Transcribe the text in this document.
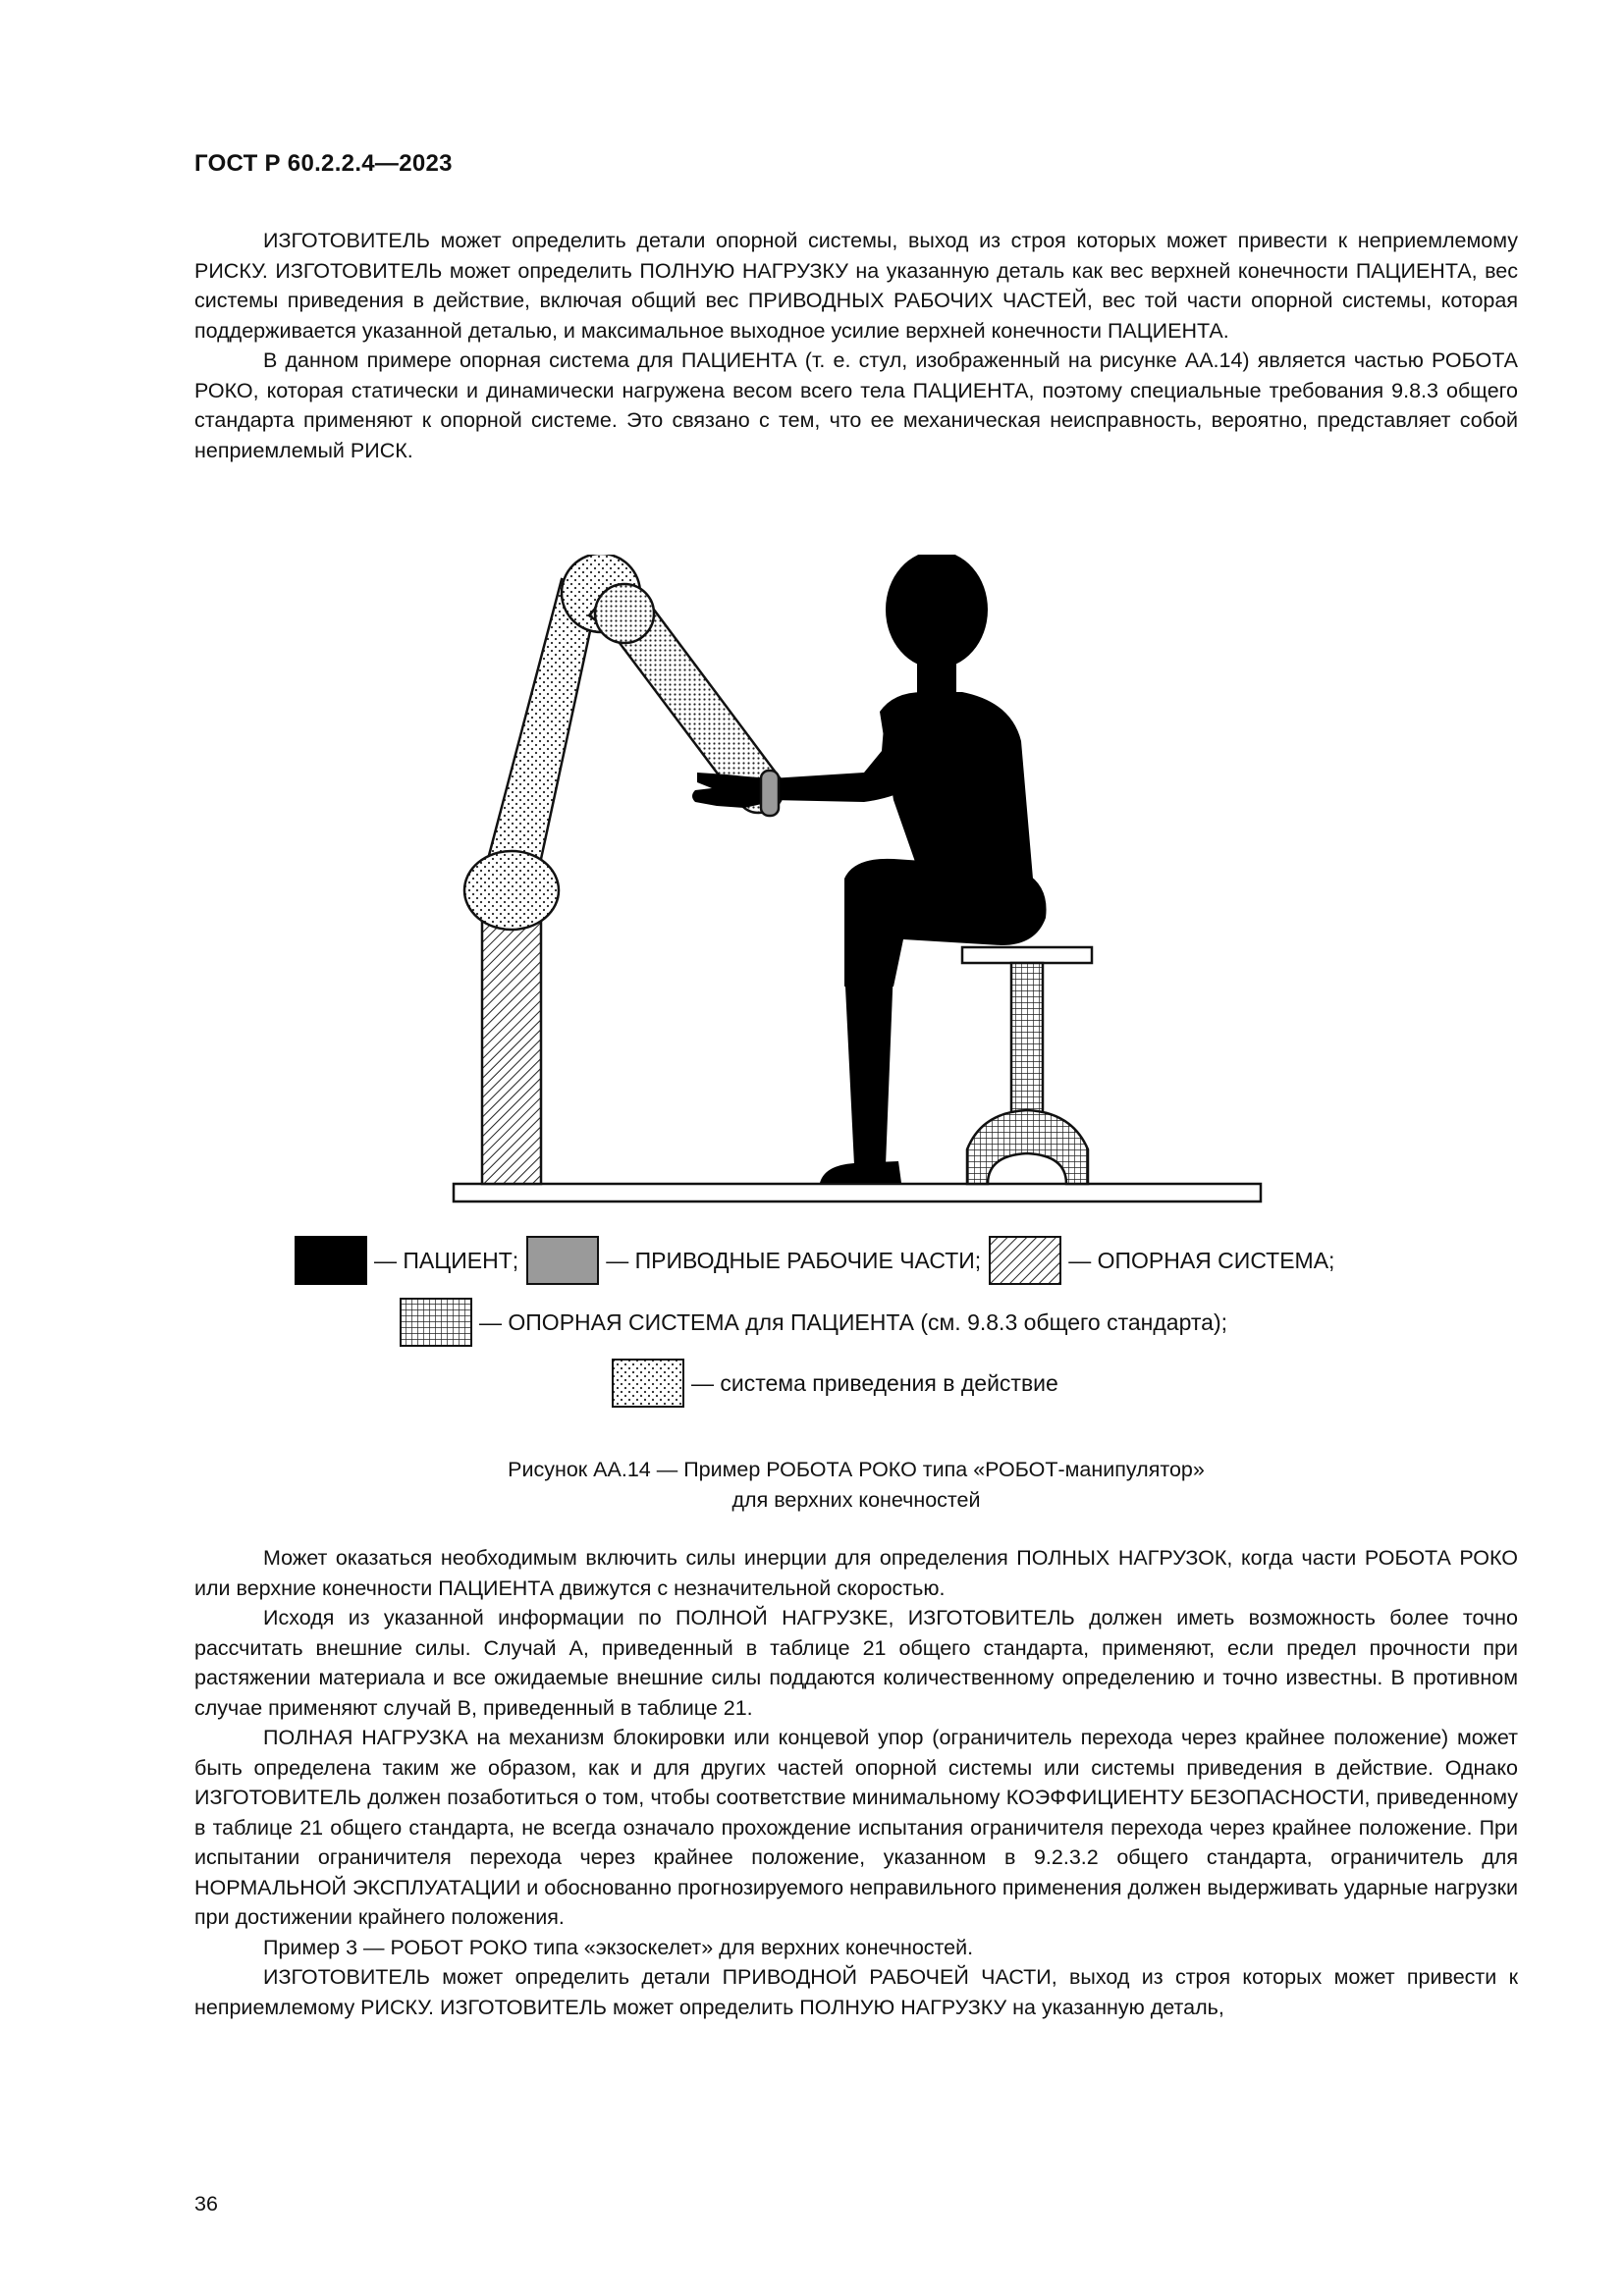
ГОСТ Р 60.2.2.4—2023

ИЗГОТОВИТЕЛЬ может определить детали опорной системы, выход из строя которых может привести к неприемлемому РИСКУ. ИЗГОТОВИТЕЛЬ может определить ПОЛНУЮ НАГРУЗКУ на указанную деталь как вес верхней конечности ПАЦИЕНТА, вес системы приведения в действие, включая общий вес ПРИВОДНЫХ РАБОЧИХ ЧАСТЕЙ, вес той части опорной системы, которая поддерживается указанной деталью, и максимальное выходное усилие верхней конечности ПАЦИЕНТА.

В данном примере опорная система для ПАЦИЕНТА (т. е. стул, изображенный на рисунке АА.14) является частью РОБОТА РОКО, которая статически и динамически нагружена весом всего тела ПАЦИЕНТА, поэтому специальные требования 9.8.3 общего стандарта применяют к опорной системе. Это связано с тем, что ее механическая неисправность, вероятно, представляет собой неприемлемый РИСК.

— ПАЦИЕНТ;	— ПРИВОДНЫЕ РАБОЧИЕ ЧАСТИ;	— ОПОРНАЯ СИСТЕМА;
— ОПОРНАЯ СИСТЕМА для ПАЦИЕНТА (см. 9.8.3 общего стандарта);
— система приведения в действие
Рисунок АА.14 — Пример РОБОТА РОКО типа «РОБОТ-манипулятор»
для верхних конечностей

Может оказаться необходимым включить силы инерции для определения ПОЛНЫХ НАГРУЗОК, когда части РОБОТА РОКО или верхние конечности ПАЦИЕНТА движутся с незначительной скоростью.

Исходя из указанной информации по ПОЛНОЙ НАГРУЗКЕ, ИЗГОТОВИТЕЛЬ должен иметь возможность более точно рассчитать внешние силы. Случай А, приведенный в таблице 21 общего стандарта, применяют, если предел прочности при растяжении материала и все ожидаемые внешние силы поддаются количественному определению и точно известны. В противном случае применяют случай В, приведенный в таблице 21.

ПОЛНАЯ НАГРУЗКА на механизм блокировки или концевой упор (ограничитель перехода через крайнее положение) может быть определена таким же образом, как и для других частей опорной системы или системы приведения в действие. Однако ИЗГОТОВИТЕЛЬ должен позаботиться о том, чтобы соответствие минимальному КОЭФФИЦИЕНТУ БЕЗОПАСНОСТИ, приведенному в таблице 21 общего стандарта, не всегда означало прохождение испытания ограничителя перехода через крайнее положение. При испытании ограничителя перехода через крайнее положение, указанном в 9.2.3.2 общего стандарта, ограничитель для НОРМАЛЬНОЙ ЭКСПЛУАТАЦИИ и обоснованно прогнозируемого неправильного применения должен выдерживать ударные нагрузки при достижении крайнего положения.

Пример 3 — РОБОТ РОКО типа «экзоскелет» для верхних конечностей.

ИЗГОТОВИТЕЛЬ может определить детали ПРИВОДНОЙ РАБОЧЕЙ ЧАСТИ, выход из строя которых может привести к неприемлемому РИСКУ. ИЗГОТОВИТЕЛЬ может определить ПОЛНУЮ НАГРУЗКУ на указанную деталь,

36
